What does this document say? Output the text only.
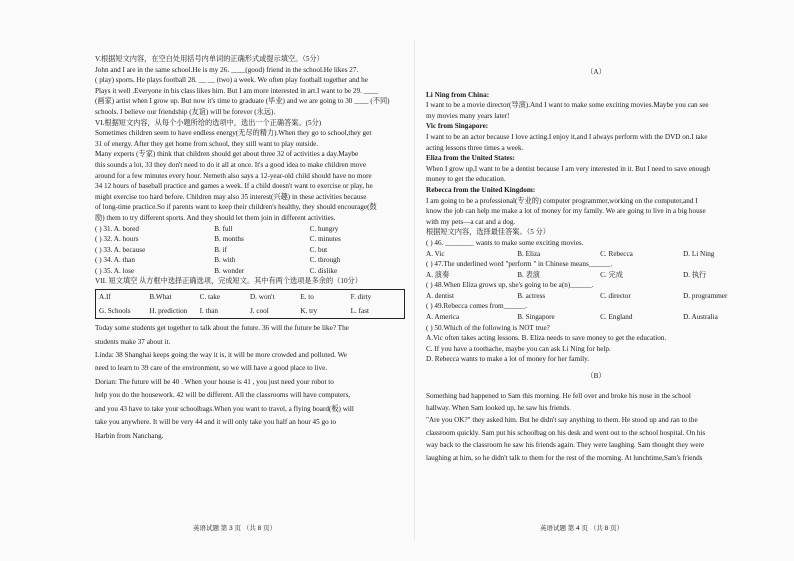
V.根据短文内容，在空白处用括号内单词的正确形式或提示填空。（5分）

John and I are in the same school.He is my 26. ____(good) friend in the school.He likes 27.

( play) sports. He plays football 28. __ __ (two) a week. We often play football together and he

Plays it well .Everyone in his class likes him. But I am more interested in art.I want to be 29. ____

(画家) artist when I grow up. But now it's time to graduate (毕业) and we are going to 30 ____ (不同)

schools. I believe our friendship (友谊) will be forever (永远).

VI.根据短文内容，从每个小题所给的选项中，选出一个正确答案。(5分)

Sometimes children seem to have endless energy(无尽的精力).When they go to school,they get

31 of energy. After they get home from school, they still want to play outside.

Many experts (专家) think that children should get about three 32 of activities a day.Maybe

this sounds a lot, 33 they don't need to do it all at once. It's a good idea to make children move

around for a few minutes every hour. Nemeth also says a 12-year-old child should have no more

34 12 hours of baseball practice and games a week. If a child doesn't want to exercise or play, he

might exercise too hard before. Children may also 35 interest(兴趣) in these activities because

of long-time practice.So if parents want to keep their children's healthy, they should encourage(鼓

励) them to try different sports. And they should let them join in different activities.

( ) 31. A. bored	B. full	C. hungry
( ) 32. A. hours	B. months	C. minutes
( ) 33. A. because	B. if	C. but
( ) 34. A. than	B. with	C. through
( ) 35. A. lose	B. wonder	C. dislike

VII. 短文填空 从方框中选择正确选项，完成短文。其中有两个选项是多余的（10分）

A.If	B.What	C. take	D. won't	E. to	F. dirty
G. Schools	H. prediction	I. than	J. cool	K. try	L. fast

Today some students get together to talk about the future. 36 will the future be like? The

students make 37 about it.

Linda: 38 Shanghai keeps going the way it is, it will be more crowded and polluted. We

need to learn to 39 care of the environment, so we will have a good place to live.

Dorian: The future will be 40 . When your house is 41 , you just need your robot to

help you do the housework. 42 will be different. All the classrooms will have computers,

and you 43 have to take your schoolbags.When you want to travel, a flying board(板) will

take you anywhere. It will be very 44 and it will only take you half an hour 45 go to

Harbin from Nanchang.

英语试题 第 3 页 （共 8 页）

（A）

Li Ning from China:

I want to be a movie director(导演).And I want to make some exciting movies.Maybe you can see

my movies many years later!

Vic from Singapore:

I want to be an actor because I love acting.I enjoy it,and I always perform with the DVD on.I take

acting lessons three times a week.

Eliza from the United States:

When I grow up,I want to be a dentist because I am very interested in it. But I need to save enough

money to get the education.

Rebecca from the United Kingdom:

I am going to be a professional(专业的) computer programmer,working on the computer,and I

know the job can help me make a lot of money for my family. We are going to live in a big house

with my pets—a cat and a dog.

根据短文内容，选择最佳答案。（5 分）

( ) 46. ________ wants to make some exciting movies.

A. Vic	B. Eliza	C. Rebecca	D. Li Ning

( ) 47.The underlined word "perform " in Chinese means______.

A. 演奏	B. 表演	C. 完成	D. 执行

( ) 48.When Eliza grows up, she's going to be a(n)______.

A. dentist	B. actress	C. director	D. programmer

( ) 49.Rebecca comes from______.

A. America	B. Singapore	C. England	D. Australia

( ) 50.Which of the following is NOT true?

A.Vic often takes acting lessons. B. Eliza needs to save money to get the education.

C. If you have a toothache, maybe you can ask Li Ning for help.

D. Rebecca wants to make a lot of money for her family.

（B）

Something bad happened to Sam this morning. He fell over and broke his nose in the school

hallway. When Sam looked up, he saw his friends.

"Are you OK?" they asked him. But he didn't say anything to them. He stood up and ran to the

classroom quickly. Sam put his schoolbag on his desk and went out to the school hospital. On his

way back to the classroom he saw his friends again. They were laughing. Sam thought they were

laughing at him, so he didn't talk to them for the rest of the morning. At lunchtime,Sam's friends

英语试题 第 4 页 （共 8 页）
